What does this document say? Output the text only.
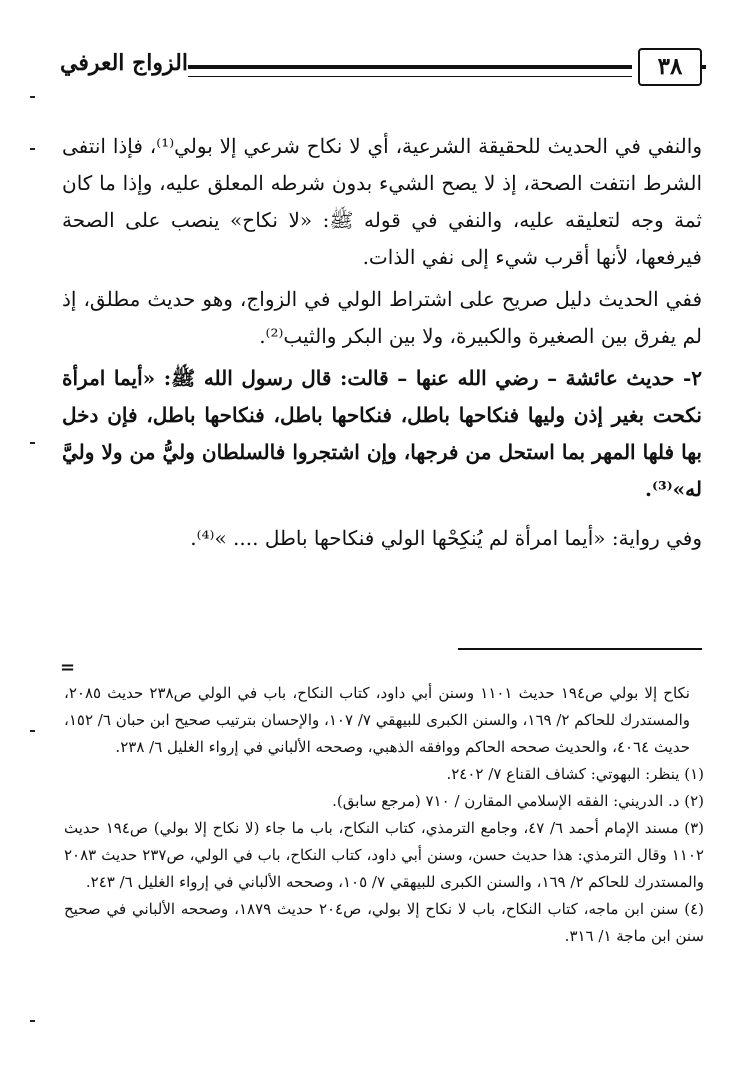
الزواج العرفي	٣٨

والنفي في الحديث للحقيقة الشرعية، أي لا نكاح شرعي إلا بولي⁽¹⁾، فإذا انتفى الشرط انتفت الصحة، إذ لا يصح الشيء بدون شرطه المعلق عليه، وإذا ما كان ثمة وجه لتعليقه عليه، والنفي في قوله ﷺ: «لا نكاح» ينصب على الصحة فيرفعها، لأنها أقرب شيء إلى نفي الذات.

ففي الحديث دليل صريح على اشتراط الولي في الزواج، وهو حديث مطلق، إذ لم يفرق بين الصغيرة والكبيرة، ولا بين البكر والثيب⁽²⁾.

٢- حديث عائشة – رضي الله عنها – قالت: قال رسول الله ﷺ: «أيما امرأة نكحت بغير إذن وليها فنكاحها باطل، فنكاحها باطل، فنكاحها باطل، فإن دخل بها فلها المهر بما استحل من فرجها، وإن اشتجروا فالسلطان وليُّ من ولا وليَّ له»⁽³⁾.

وفي رواية: «أيما امرأة لم يُنكِحْها الولي فنكاحها باطل .... »⁽⁴⁾.

=

نكاح إلا بولي ص١٩٤ حديث ١١٠١ وسنن أبي داود، كتاب النكاح، باب في الولي ص٢٣٨ حديث ٢٠٨٥، والمستدرك للحاكم ٢/ ١٦٩، والسنن الكبرى للبيهقي ٧/ ١٠٧، والإحسان بترتيب صحيح ابن حبان ٦/ ١٥٢، حديث ٤٠٦٤، والحديث صححه الحاكم ووافقه الذهبي، وصححه الألباني في إرواء الغليل ٦/ ٢٣٨.

(١) ينظر: البهوتي: كشاف القناع ٧/ ٢٤٠٢.

(٢) د. الدريني: الفقه الإسلامي المقارن / ٧١٠ (مرجع سابق).

(٣) مسند الإمام أحمد ٦/ ٤٧، وجامع الترمذي، كتاب النكاح، باب ما جاء (لا نكاح إلا بولي) ص١٩٤ حديث ١١٠٢ وقال الترمذي: هذا حديث حسن، وسنن أبي داود، كتاب النكاح، باب في الولي، ص٢٣٧ حديث ٢٠٨٣ والمستدرك للحاكم ٢/ ١٦٩، والسنن الكبرى للبيهقي ٧/ ١٠٥، وصححه الألباني في إرواء الغليل ٦/ ٢٤٣.

(٤) سنن ابن ماجه، كتاب النكاح، باب لا نكاح إلا بولي، ص٢٠٤ حديث ١٨٧٩، وصححه الألباني في صحيح سنن ابن ماجة ١/ ٣١٦.
